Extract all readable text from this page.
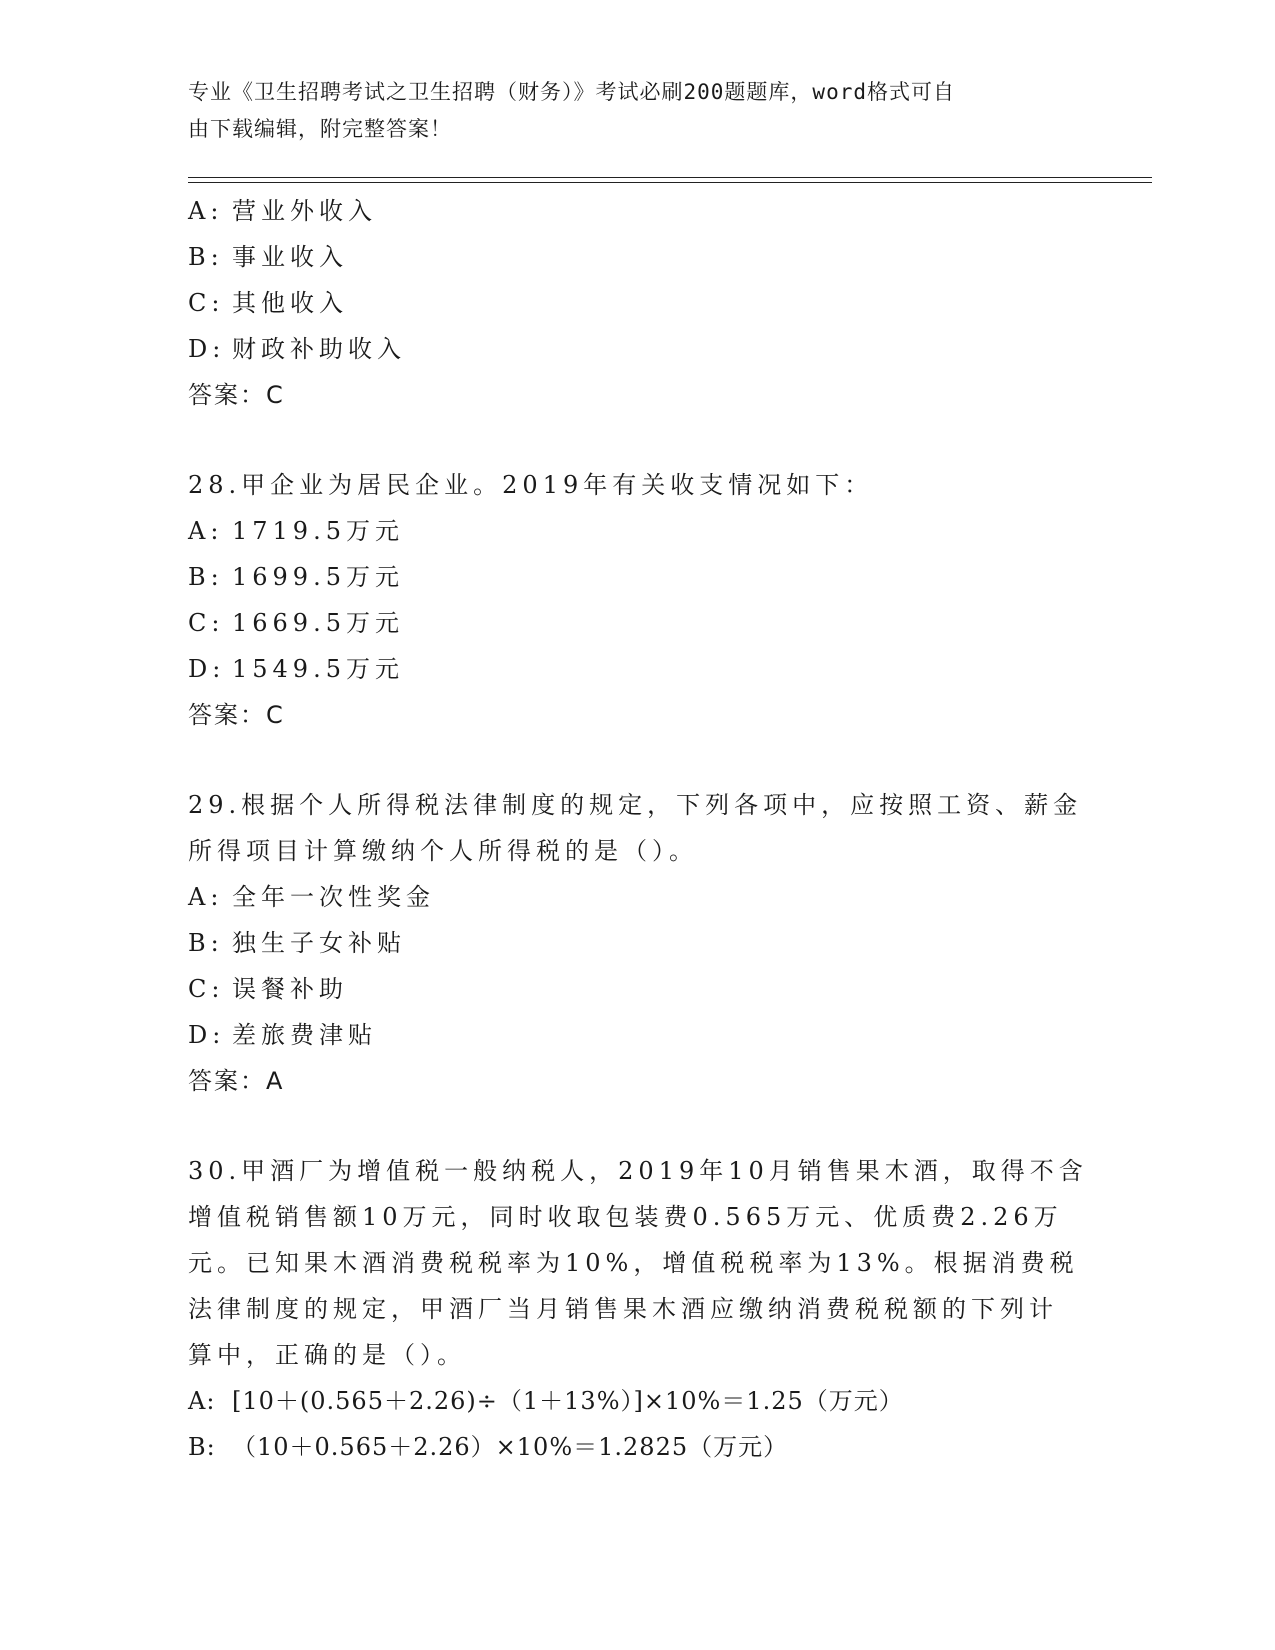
专业《卫生招聘考试之卫生招聘（财务）》考试必刷200题题库，word格式可自
由下载编辑，附完整答案！
A: 营业外收入
B: 事业收入
C: 其他收入
D: 财政补助收入
答案：C
28.甲企业为居民企业。2019年有关收支情况如下：
A: 1719.5万元
B: 1699.5万元
C: 1669.5万元
D: 1549.5万元
答案：C
29.根据个人所得税法律制度的规定，下列各项中，应按照工资、薪金
所得项目计算缴纳个人所得税的是（）。
A: 全年一次性奖金
B: 独生子女补贴
C: 误餐补助
D: 差旅费津贴
答案：A
30.甲酒厂为增值税一般纳税人，2019年10月销售果木酒，取得不含
增值税销售额10万元，同时收取包装费0.565万元、优质费2.26万
元。已知果木酒消费税税率为10%，增值税税率为13%。根据消费税
法律制度的规定，甲酒厂当月销售果木酒应缴纳消费税税额的下列计
算中，正确的是（）。
A: [10＋(0.565＋2.26)÷（1＋13%）]×10%＝1.25（万元）
B: （10＋0.565＋2.26）×10%＝1.2825（万元）
